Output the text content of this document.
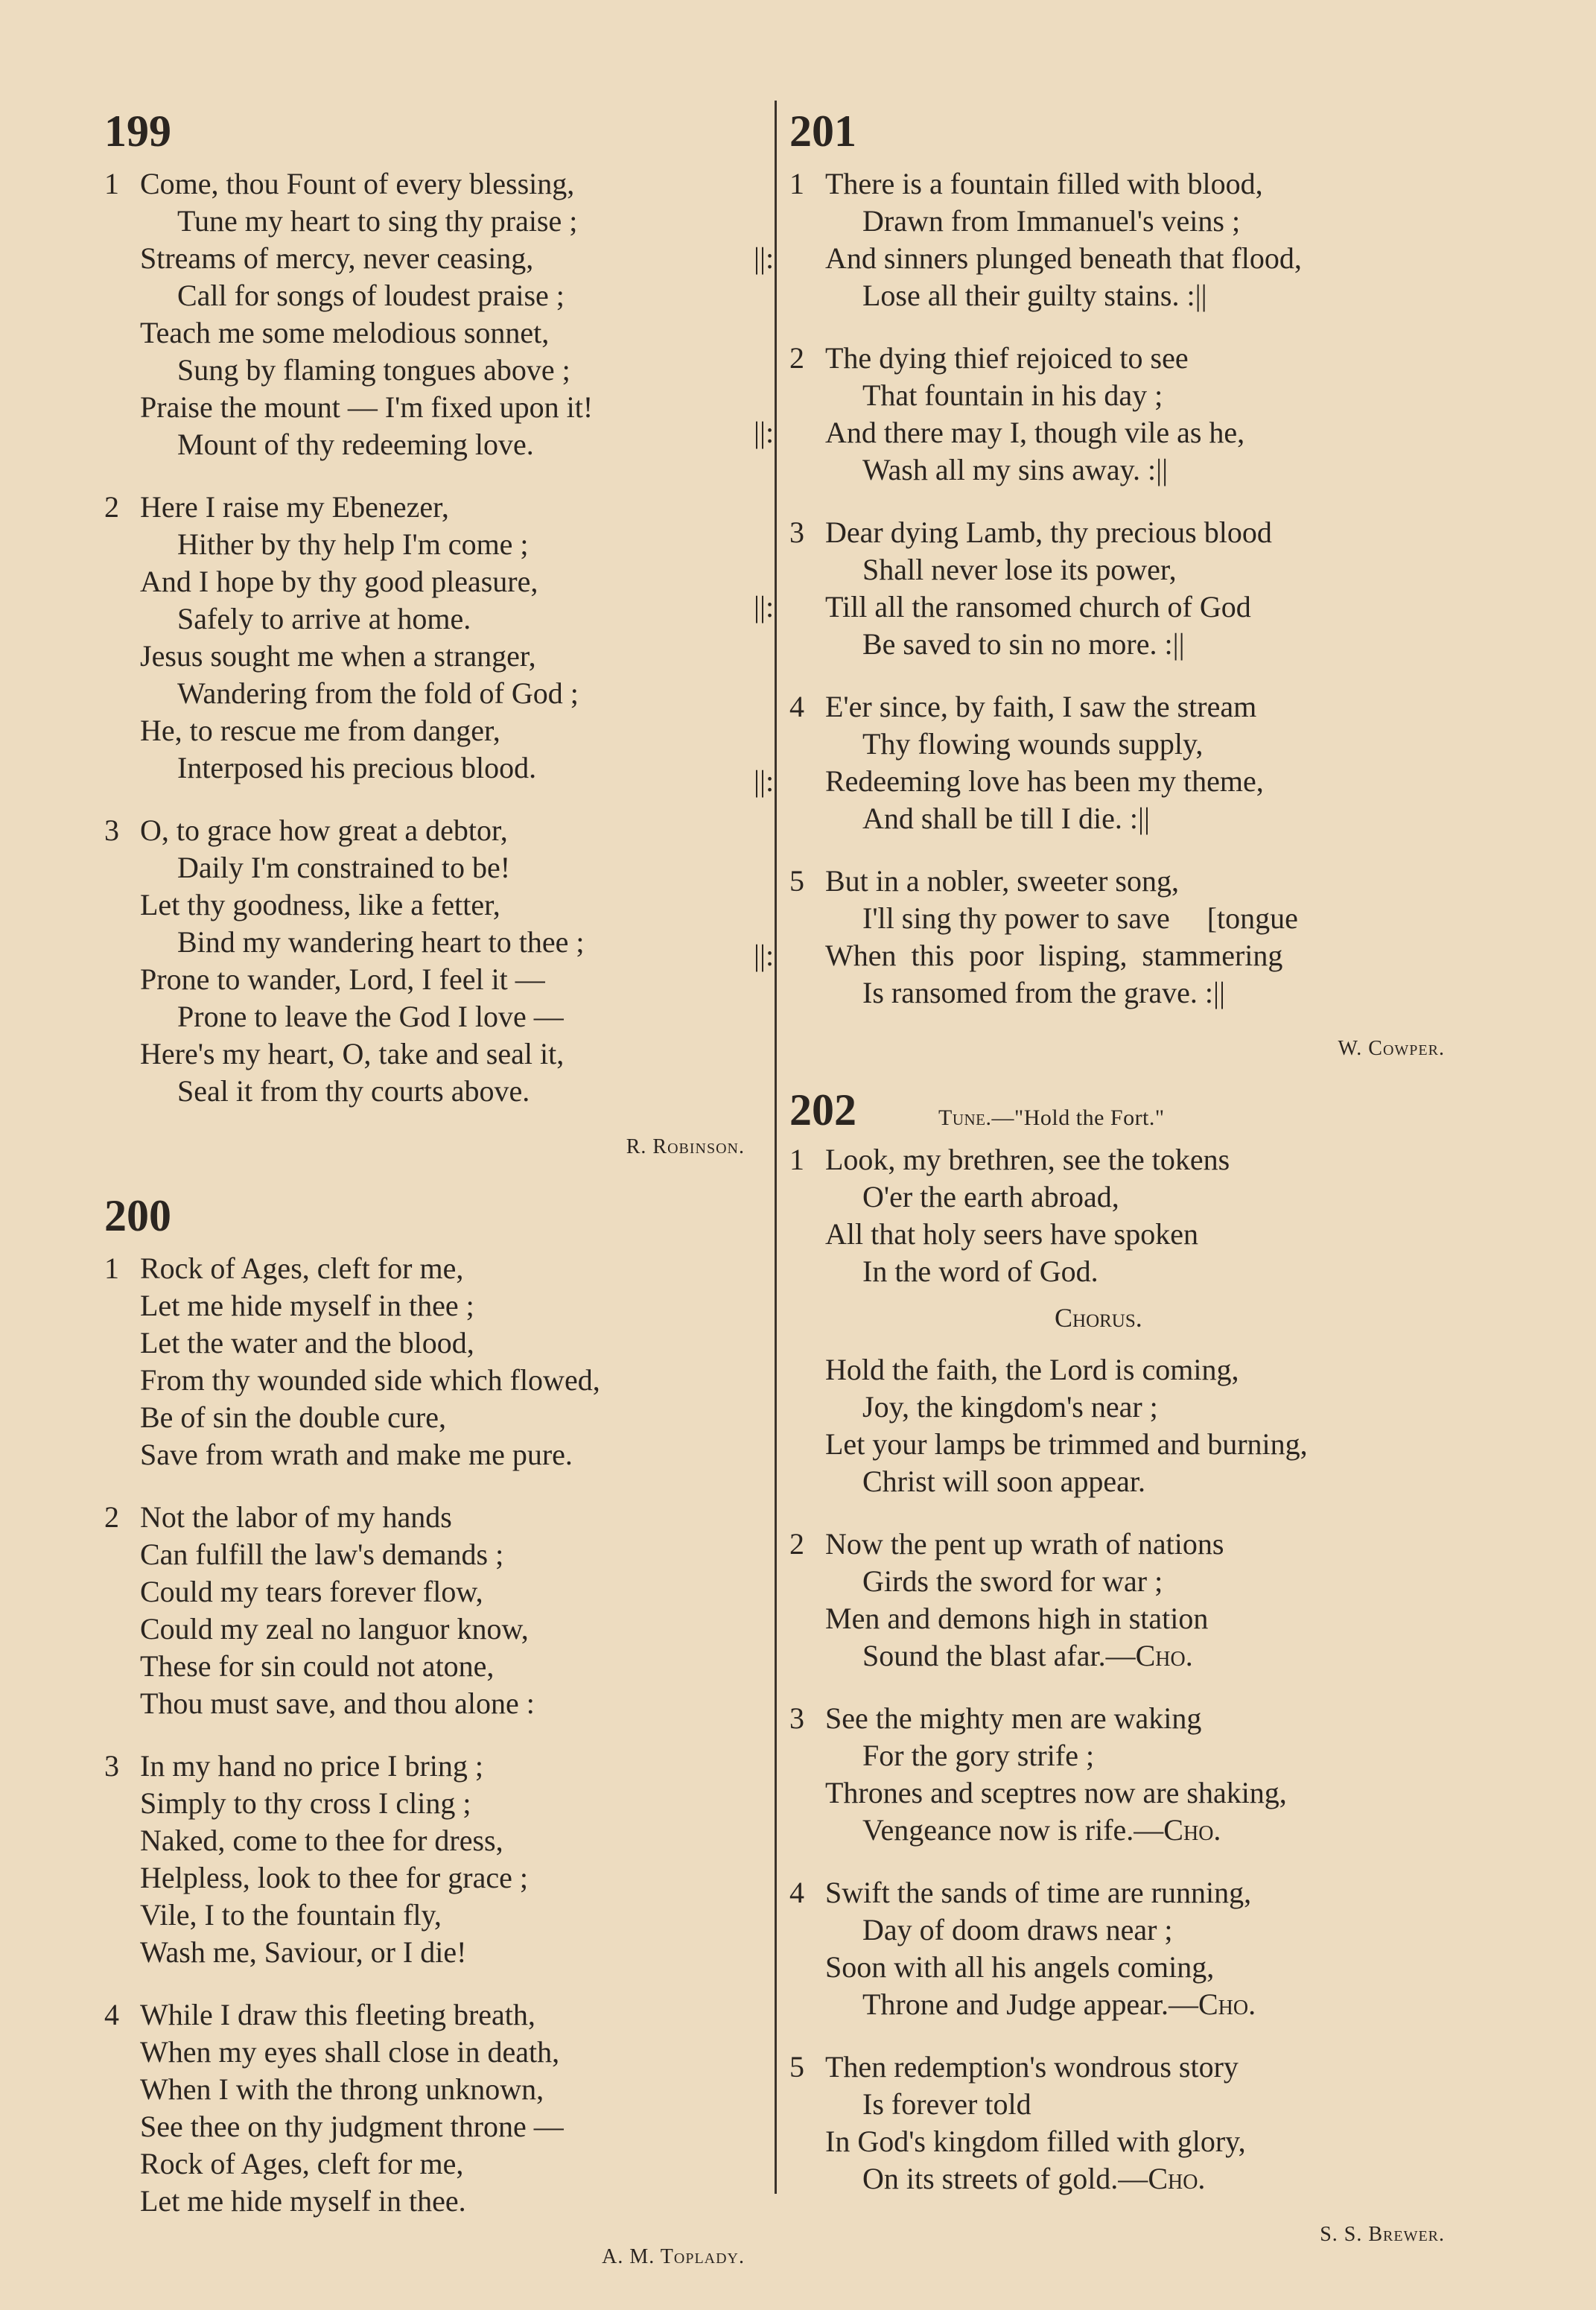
199
1 Come, thou Fount of every blessing,
Tune my heart to sing thy praise ;
Streams of mercy, never ceasing,
Call for songs of loudest praise ;
Teach me some melodious sonnet,
Sung by flaming tongues above ;
Praise the mount — I'm fixed upon it!
Mount of thy redeeming love.
2 Here I raise my Ebenezer,
Hither by thy help I'm come ;
And I hope by thy good pleasure,
Safely to arrive at home.
Jesus sought me when a stranger,
Wandering from the fold of God ;
He, to rescue me from danger,
Interposed his precious blood.
3 O, to grace how great a debtor,
Daily I'm constrained to be!
Let thy goodness, like a fetter,
Bind my wandering heart to thee ;
Prone to wander, Lord, I feel it —
Prone to leave the God I love —
Here's my heart, O, take and seal it,
Seal it from thy courts above.
R. Robinson.
200
1 Rock of Ages, cleft for me,
Let me hide myself in thee ;
Let the water and the blood,
From thy wounded side which flowed,
Be of sin the double cure,
Save from wrath and make me pure.
2 Not the labor of my hands
Can fulfill the law's demands ;
Could my tears forever flow,
Could my zeal no languor know,
These for sin could not atone,
Thou must save, and thou alone :
3 In my hand no price I bring ;
Simply to thy cross I cling ;
Naked, come to thee for dress,
Helpless, look to thee for grace ;
Vile, I to the fountain fly,
Wash me, Saviour, or I die!
4 While I draw this fleeting breath,
When my eyes shall close in death,
When I with the throng unknown,
See thee on thy judgment throne —
Rock of Ages, cleft for me,
Let me hide myself in thee.
A. M. Toplady.
201
1 There is a fountain filled with blood,
Drawn from Immanuel's veins ;
||: And sinners plunged beneath that flood,
Lose all their guilty stains. :||
2 The dying thief rejoiced to see
That fountain in his day ;
||: And there may I, though vile as he,
Wash all my sins away. :||
3 Dear dying Lamb, thy precious blood
Shall never lose its power,
||: Till all the ransomed church of God
Be saved to sin no more. :||
4 E'er since, by faith, I saw the stream
Thy flowing wounds supply,
||: Redeeming love has been my theme,
And shall be till I die. :||
5 But in a nobler, sweeter song,
I'll sing thy power to save     [tongue
||: When  this  poor  lisping,  stammering
Is ransomed from the grave. :||
W. Cowper.
202	Tune.—"Hold the Fort."
1 Look, my brethren, see the tokens
O'er the earth abroad,
All that holy seers have spoken
In the word of God.
Chorus.
Hold the faith, the Lord is coming,
Joy, the kingdom's near ;
Let your lamps be trimmed and burning,
Christ will soon appear.
2 Now the pent up wrath of nations
Girds the sword for war ;
Men and demons high in station
Sound the blast afar.—Cho.
3 See the mighty men are waking
For the gory strife ;
Thrones and sceptres now are shaking,
Vengeance now is rife.—Cho.
4 Swift the sands of time are running,
Day of doom draws near ;
Soon with all his angels coming,
Throne and Judge appear.—Cho.
5 Then redemption's wondrous story
Is forever told
In God's kingdom filled with glory,
On its streets of gold.—Cho.
S. S. Brewer.
